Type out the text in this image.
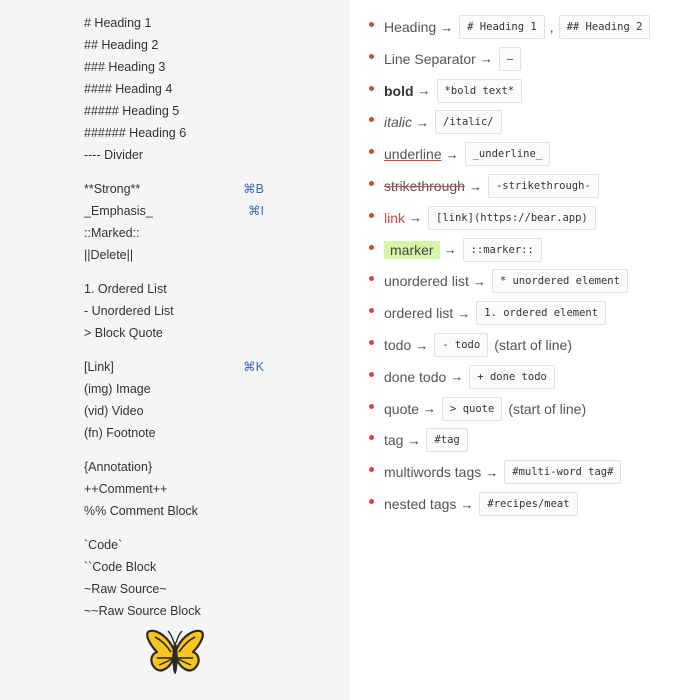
# Heading 1
## Heading 2
### Heading 3
#### Heading 4
##### Heading 5
###### Heading 6
---- Divider
**Strong**	⌘B
_Emphasis_	⌘I
::Marked::
||Delete||
1. Ordered List
- Unordered List
> Block Quote
[Link]	⌘K
(img) Image
(vid) Video
(fn) Footnote
{Annotation}
++Comment++
%% Comment Block
`Code`
``Code Block
~Raw Source~
~~Raw Source Block
Heading →	# Heading 1 ,	## Heading 2
Line Separator →	—
bold →	*bold text*
italic →	/italic/
underline →	_underline_
strikethrough →	-strikethrough-
link →	[link](https://bear.app)
marker →	::marker::
unordered list →	* unordered element
ordered list →	1. ordered element
todo →	- todo	(start of line)
done todo →	+ done todo
quote →	> quote	(start of line)
tag →	#tag
multiwords tags →	#multi-word tag#
nested tags →	#recipes/meat
